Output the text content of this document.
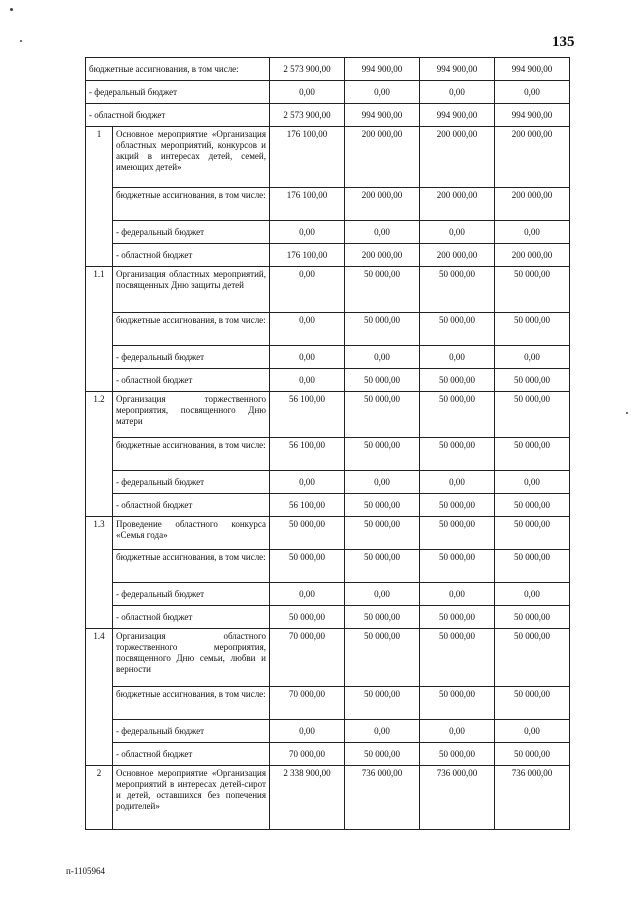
135
бюджетные ассигнования, в том числе:		2 573 900,00	994 900,00	994 900,00	994 900,00
- федеральный бюджет		0,00	0,00	0,00	0,00
- областной бюджет		2 573 900,00	994 900,00	994 900,00	994 900,00
1	Основное мероприятие «Организация областных мероприятий, конкурсов и акций в интересах детей, семей, имеющих детей»	176 100,00	200 000,00	200 000,00	200 000,00
	бюджетные ассигнования, в том числе:	176 100,00	200 000,00	200 000,00	200 000,00
	- федеральный бюджет	0,00	0,00	0,00	0,00
	- областной бюджет	176 100,00	200 000,00	200 000,00	200 000,00
1.1	Организация областных мероприятий, посвященных Дню защиты детей	0,00	50 000,00	50 000,00	50 000,00
	бюджетные ассигнования, в том числе:	0,00	50 000,00	50 000,00	50 000,00
	- федеральный бюджет	0,00	0,00	0,00	0,00
	- областной бюджет	0,00	50 000,00	50 000,00	50 000,00
1.2	Организация торжественного мероприятия, посвященного Дню матери	56 100,00	50 000,00	50 000,00	50 000,00
	бюджетные ассигнования, в том числе:	56 100,00	50 000,00	50 000,00	50 000,00
	- федеральный бюджет	0,00	0,00	0,00	0,00
	- областной бюджет	56 100,00	50 000,00	50 000,00	50 000,00
1.3	Проведение областного конкурса «Семья года»	50 000,00	50 000,00	50 000,00	50 000,00
	бюджетные ассигнования, в том числе:	50 000,00	50 000,00	50 000,00	50 000,00
	- федеральный бюджет	0,00	0,00	0,00	0,00
	- областной бюджет	50 000,00	50 000,00	50 000,00	50 000,00
1.4	Организация областного торжественного мероприятия, посвященного Дню семьи, любви и верности	70 000,00	50 000,00	50 000,00	50 000,00
	бюджетные ассигнования, в том числе:	70 000,00	50 000,00	50 000,00	50 000,00
	- федеральный бюджет	0,00	0,00	0,00	0,00
	- областной бюджет	70 000,00	50 000,00	50 000,00	50 000,00
2	Основное мероприятие «Организация мероприятий в интересах детей-сирот и детей, оставшихся без попечения родителей»	2 338 900,00	736 000,00	736 000,00	736 000,00
п-1105964
